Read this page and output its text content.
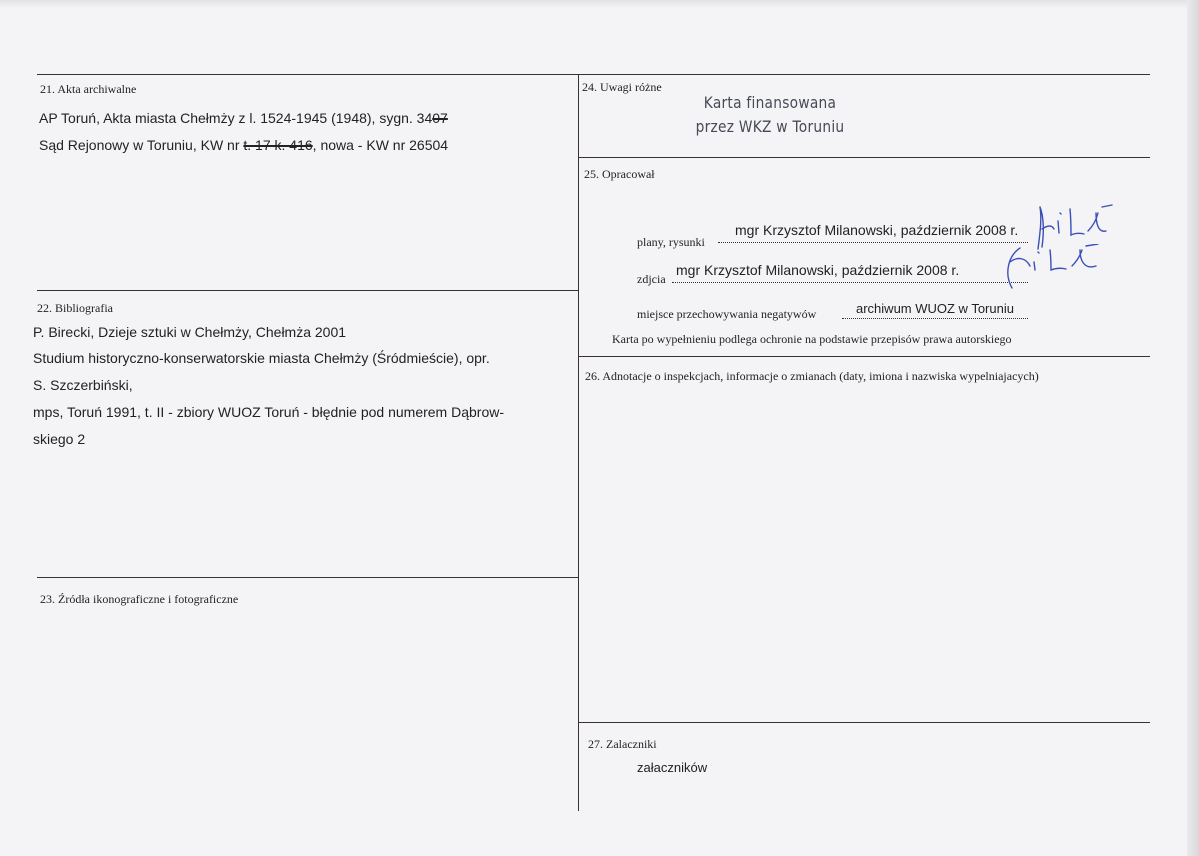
21. Akta archiwalne
AP Toruń, Akta miasta Chełmży z l. 1524-1945 (1948), sygn. 3407
Sąd Rejonowy w Toruniu, KW nr t. 17 k. 416, nowa - KW nr 26504
22. Bibliografia
P. Birecki, Dzieje sztuki w Chełmży, Chełmża 2001
Studium historyczno-konserwatorskie miasta Chełmży (Śródmieście), opr.
S. Szczerbiński,
mps, Toruń 1991, t. II - zbiory WUOZ Toruń - błędnie pod numerem Dąbrow-
skiego 2
23. Źródła ikonograficzne i fotograficzne
24. Uwagi różne
Karta finansowana
przez WKZ w Toruniu
25. Opracował
plany, rysunki
mgr Krzysztof Milanowski, październik 2008 r.
zdjcia
mgr Krzysztof Milanowski, październik 2008 r.
miejsce przechowywania negatywów	archiwum WUOZ w Toruniu
Karta po wypełnieniu podlega ochronie na podstawie przepisów prawa autorskiego
26. Adnotacje o inspekcjach, informacje o zmianach (daty, imiona i nazwiska wypelniajacych)
27. Zalaczniki
załaczników
